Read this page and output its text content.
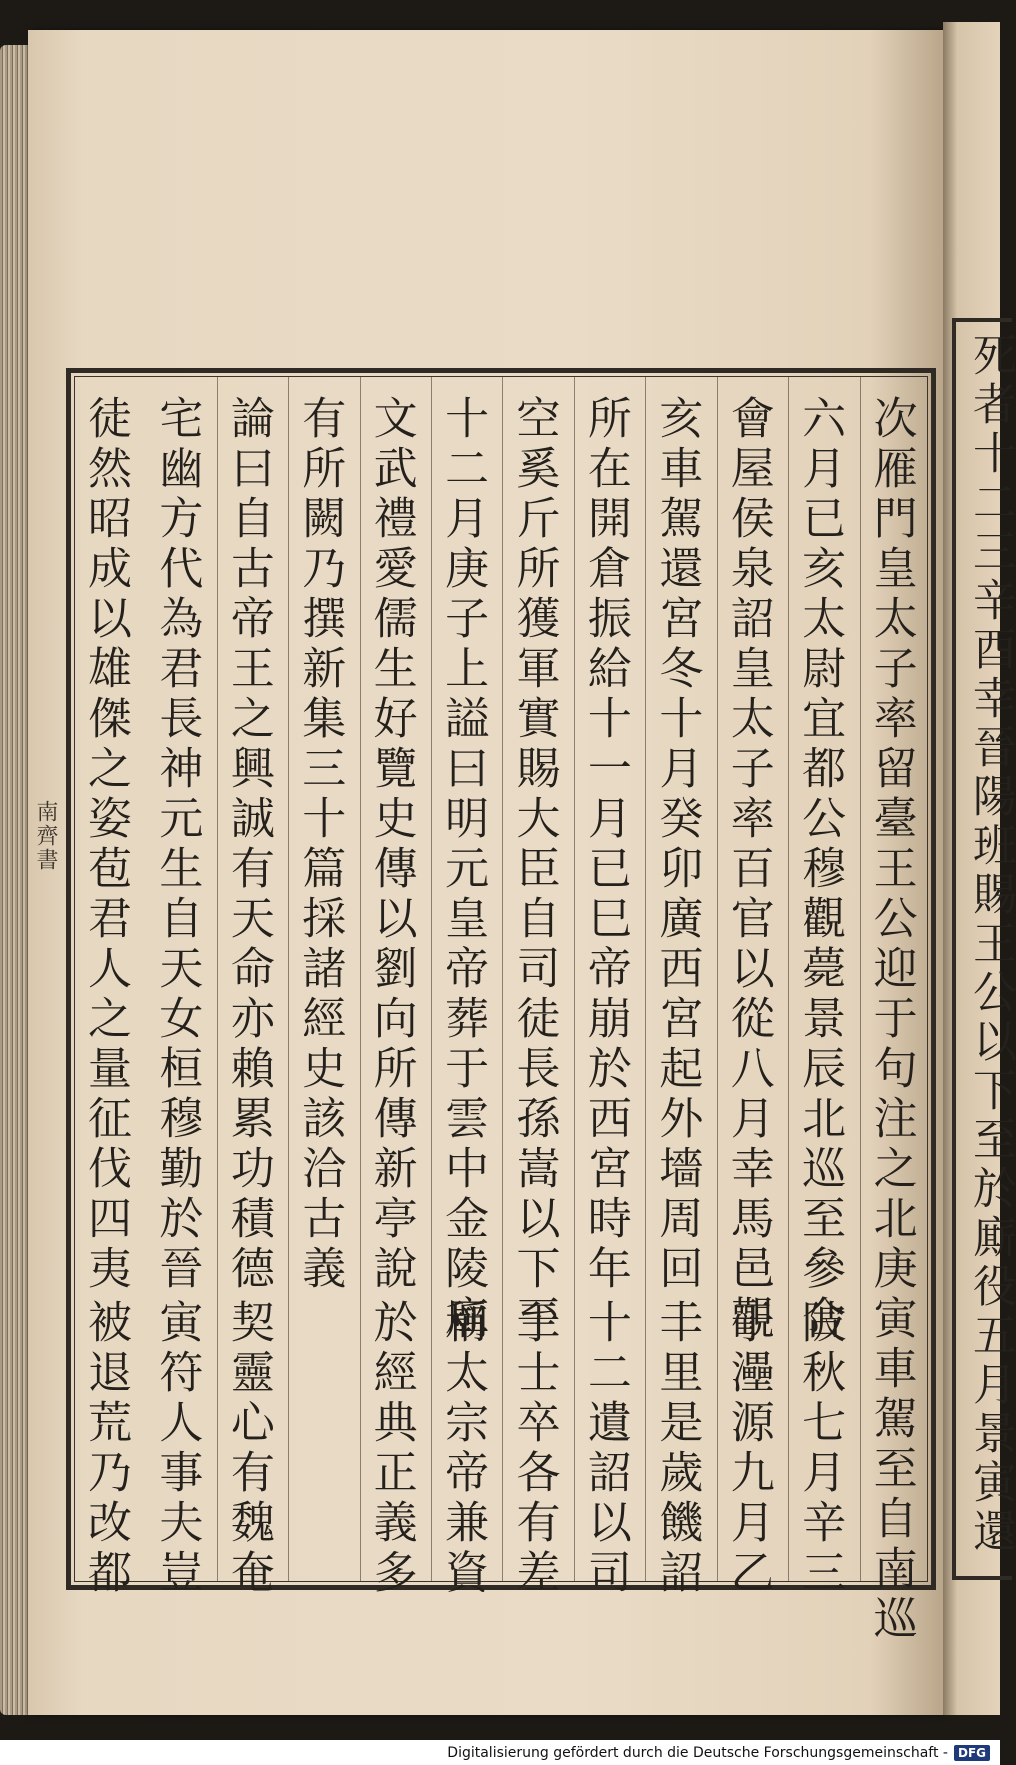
南齊書	次雁門皇太子率留臺王公迎于句注之北庚寅車駕至自南巡
六月已亥太尉宜都公穆觀薨景辰北巡至參合
陂秋七月辛三
會屋侯泉詔皇太子率百官以從八月幸馬邑觀
于灅源九月乙
亥車駕還宮冬十月癸卯廣西宮起外墻周回二
十里是歲饑詔
所在開倉振給十一月已巳帝崩於西宮時年
十二遺詔以司
空奚斤所獲軍實賜大臣自司徒長孫嵩以下至
于士卒各有差
十二月庚子上謚曰明元皇帝葬于雲中金陵廟
稱太宗帝兼資
文武禮愛儒生好覽史傳以劉向所傳新亭說
於經典正義多
有所闕乃撰新集三十篇採諸經史該洽古義
論曰自古帝王之興誠有天命亦賴累功積德
契靈心有魏奄
宅幽方代為君長神元生自天女桓穆勤於晉
寅符人事夫豈
徒然昭成以雄傑之姿苞君人之量征伐四夷
被退荒乃改都	死者十二三辛酉幸晉陽班賜王公以下至於廝役五月景寅還
Digitalisierung gefördert durch die Deutsche Forschungsgemeinschaft - DFG
